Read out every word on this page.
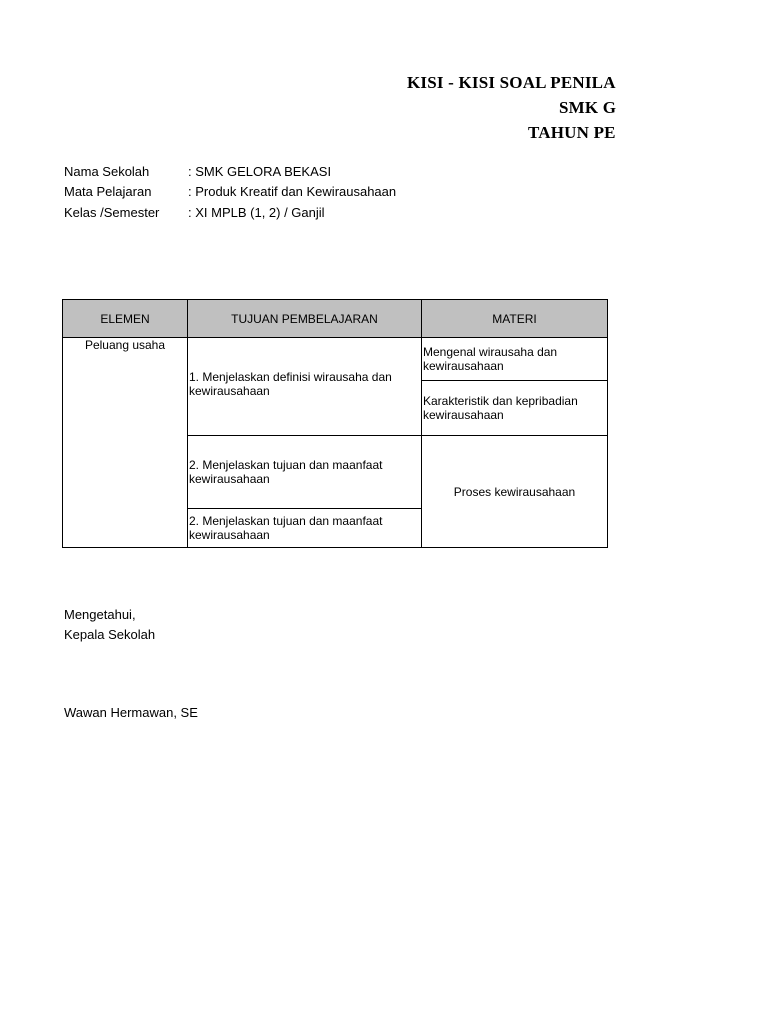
KISI - KISI SOAL PENILA
SMK G
TAHUN PE
Nama Sekolah	: SMK GELORA BEKASI
Mata Pelajaran	: Produk Kreatif dan Kewirausahaan
Kelas /Semester : XI MPLB (1, 2) / Ganjil
ELEMEN	TUJUAN PEMBELAJARAN	MATERI

Peluang usaha	1. Menjelaskan definisi wirausaha dan kewirausahaan	Mengenal wirausaha dan kewirausahaan

		Karakteristik dan kepribadian kewirausahaan

	2. Menjelaskan tujuan dan maanfaat kewirausahaan	Proses kewirausahaan

	2. Menjelaskan tujuan dan maanfaat kewirausahaan	
Mengetahui,
Kepala Sekolah
Wawan Hermawan, SE
